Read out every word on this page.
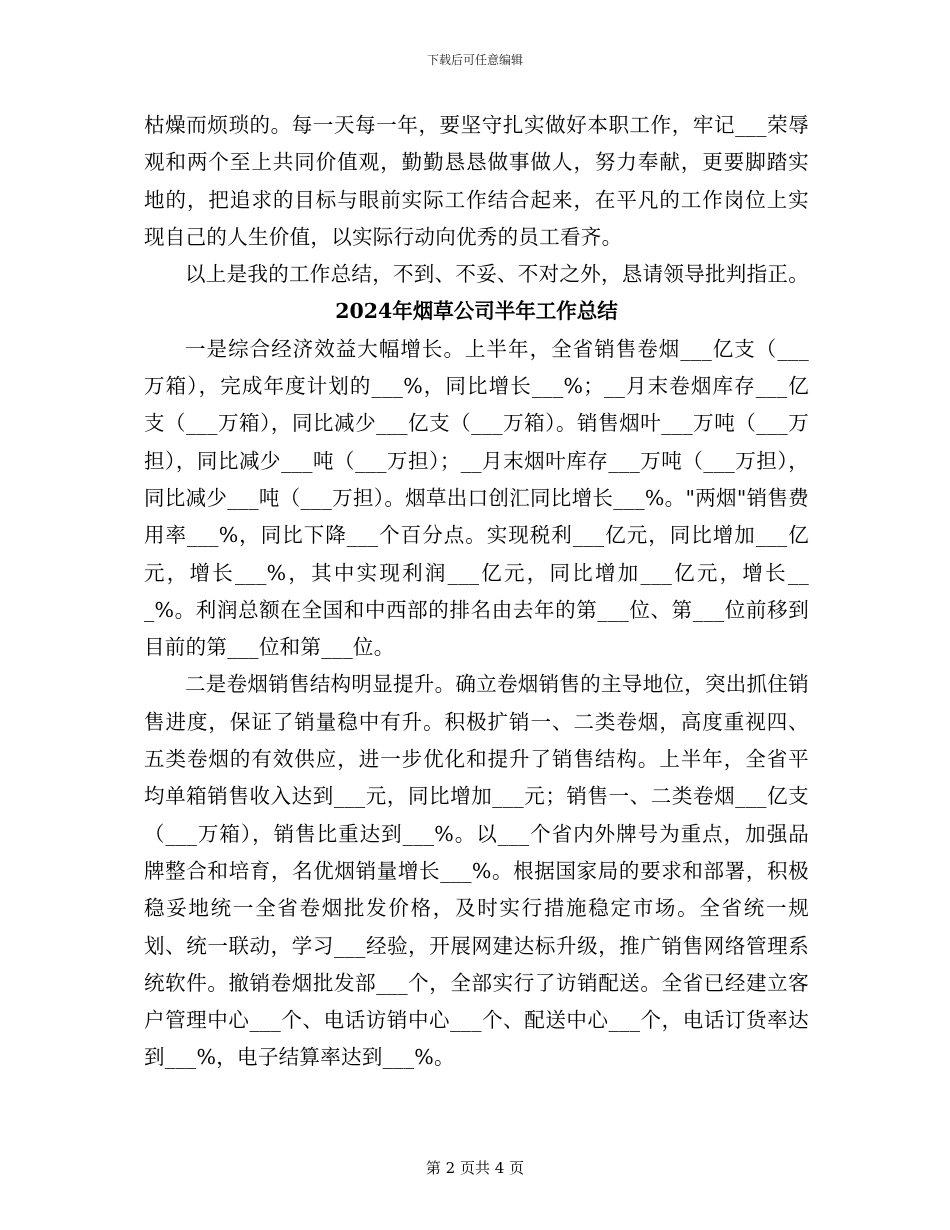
下载后可任意编辑

枯燥而烦琐的。每一天每一年，要坚守扎实做好本职工作，牢记___荣辱观和两个至上共同价值观，勤勤恳恳做事做人，努力奉献，更要脚踏实地的，把追求的目标与眼前实际工作结合起来，在平凡的工作岗位上实现自己的人生价值，以实际行动向优秀的员工看齐。

以上是我的工作总结，不到、不妥、不对之外，恳请领导批判指正。

2024年烟草公司半年工作总结

一是综合经济效益大幅增长。上半年，全省销售卷烟___亿支（___万箱），完成年度计划的___%，同比增长___%；__月末卷烟库存___亿支（___万箱），同比减少___亿支（___万箱）。销售烟叶___万吨（___万担），同比减少___吨（___万担）；__月末烟叶库存___万吨（___万担），同比减少___吨（___万担）。烟草出口创汇同比增长___%。"两烟"销售费用率___%，同比下降___个百分点。实现税利___亿元，同比增加___亿元，增长___%，其中实现利润___亿元，同比增加___亿元，增长___%。利润总额在全国和中西部的排名由去年的第___位、第___位前移到目前的第___位和第___位。

二是卷烟销售结构明显提升。确立卷烟销售的主导地位，突出抓住销售进度，保证了销量稳中有升。积极扩销一、二类卷烟，高度重视四、五类卷烟的有效供应，进一步优化和提升了销售结构。上半年，全省平均单箱销售收入达到___元，同比增加___元；销售一、二类卷烟___亿支（___万箱），销售比重达到___%。以___个省内外牌号为重点，加强品牌整合和培育，名优烟销量增长___%。根据国家局的要求和部署，积极稳妥地统一全省卷烟批发价格，及时实行措施稳定市场。全省统一规划、统一联动，学习___经验，开展网建达标升级，推广销售网络管理系统软件。撤销卷烟批发部___个，全部实行了访销配送。全省已经建立客户管理中心___个、电话访销中心___个、配送中心___个，电话订货率达到___%，电子结算率达到___%。

第 2 页共 4 页
